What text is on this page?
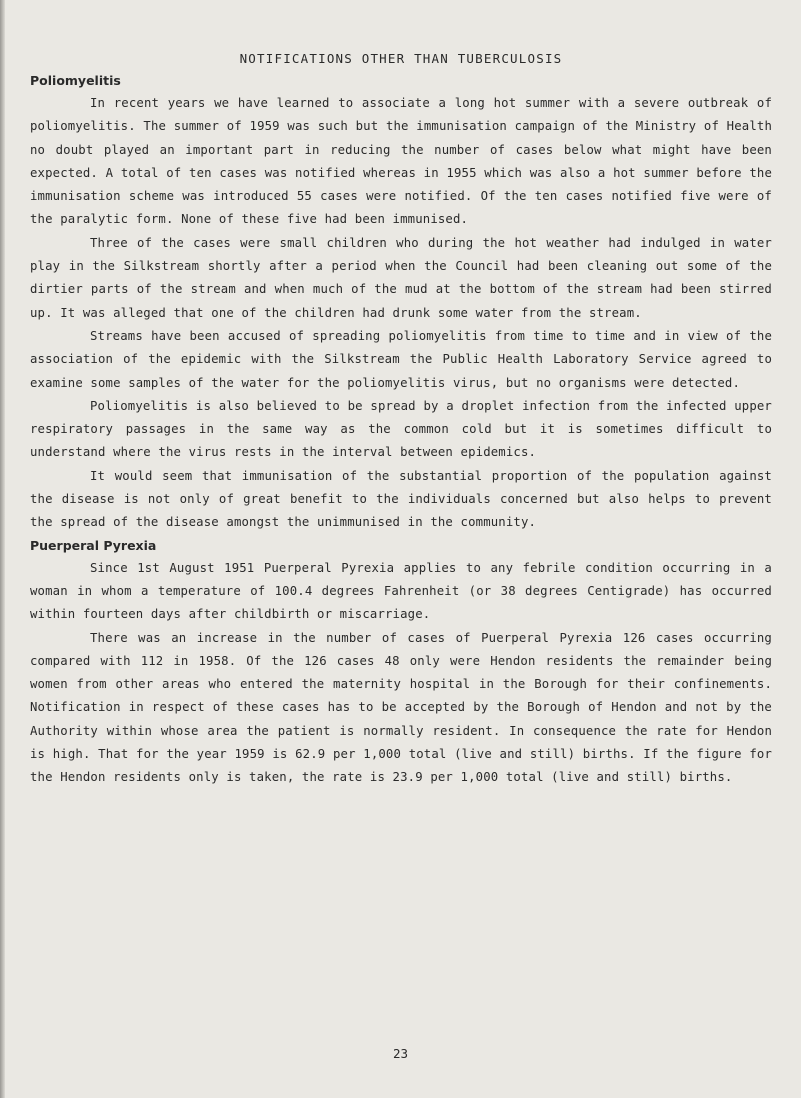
NOTIFICATIONS OTHER THAN TUBERCULOSIS
Poliomyelitis

In recent years we have learned to associate a long hot summer with a severe outbreak of poliomyelitis. The summer of 1959 was such but the immunisation campaign of the Ministry of Health no doubt played an important part in reducing the number of cases below what might have been expected. A total of ten cases was notified whereas in 1955 which was also a hot summer before the immunisation scheme was introduced 55 cases were notified. Of the ten cases notified five were of the paralytic form. None of these five had been immunised.

Three of the cases were small children who during the hot weather had indulged in water play in the Silkstream shortly after a period when the Council had been cleaning out some of the dirtier parts of the stream and when much of the mud at the bottom of the stream had been stirred up. It was alleged that one of the children had drunk some water from the stream.

Streams have been accused of spreading poliomyelitis from time to time and in view of the association of the epidemic with the Silkstream the Public Health Laboratory Service agreed to examine some samples of the water for the poliomyelitis virus, but no organisms were detected.

Poliomyelitis is also believed to be spread by a droplet infection from the infected upper respiratory passages in the same way as the common cold but it is sometimes difficult to understand where the virus rests in the interval between epidemics.

It would seem that immunisation of the substantial proportion of the population against the disease is not only of great benefit to the individuals concerned but also helps to prevent the spread of the disease amongst the unimmunised in the community.

Puerperal Pyrexia

Since 1st August 1951 Puerperal Pyrexia applies to any febrile condition occurring in a woman in whom a temperature of 100.4 degrees Fahrenheit (or 38 degrees Centigrade) has occurred within fourteen days after childbirth or miscarriage.

There was an increase in the number of cases of Puerperal Pyrexia 126 cases occurring compared with 112 in 1958. Of the 126 cases 48 only were Hendon residents the remainder being women from other areas who entered the maternity hospital in the Borough for their confinements. Notification in respect of these cases has to be accepted by the Borough of Hendon and not by the Authority within whose area the patient is normally resident. In consequence the rate for Hendon is high. That for the year 1959 is 62.9 per 1,000 total (live and still) births. If the figure for the Hendon residents only is taken, the rate is 23.9 per 1,000 total (live and still) births.

23
